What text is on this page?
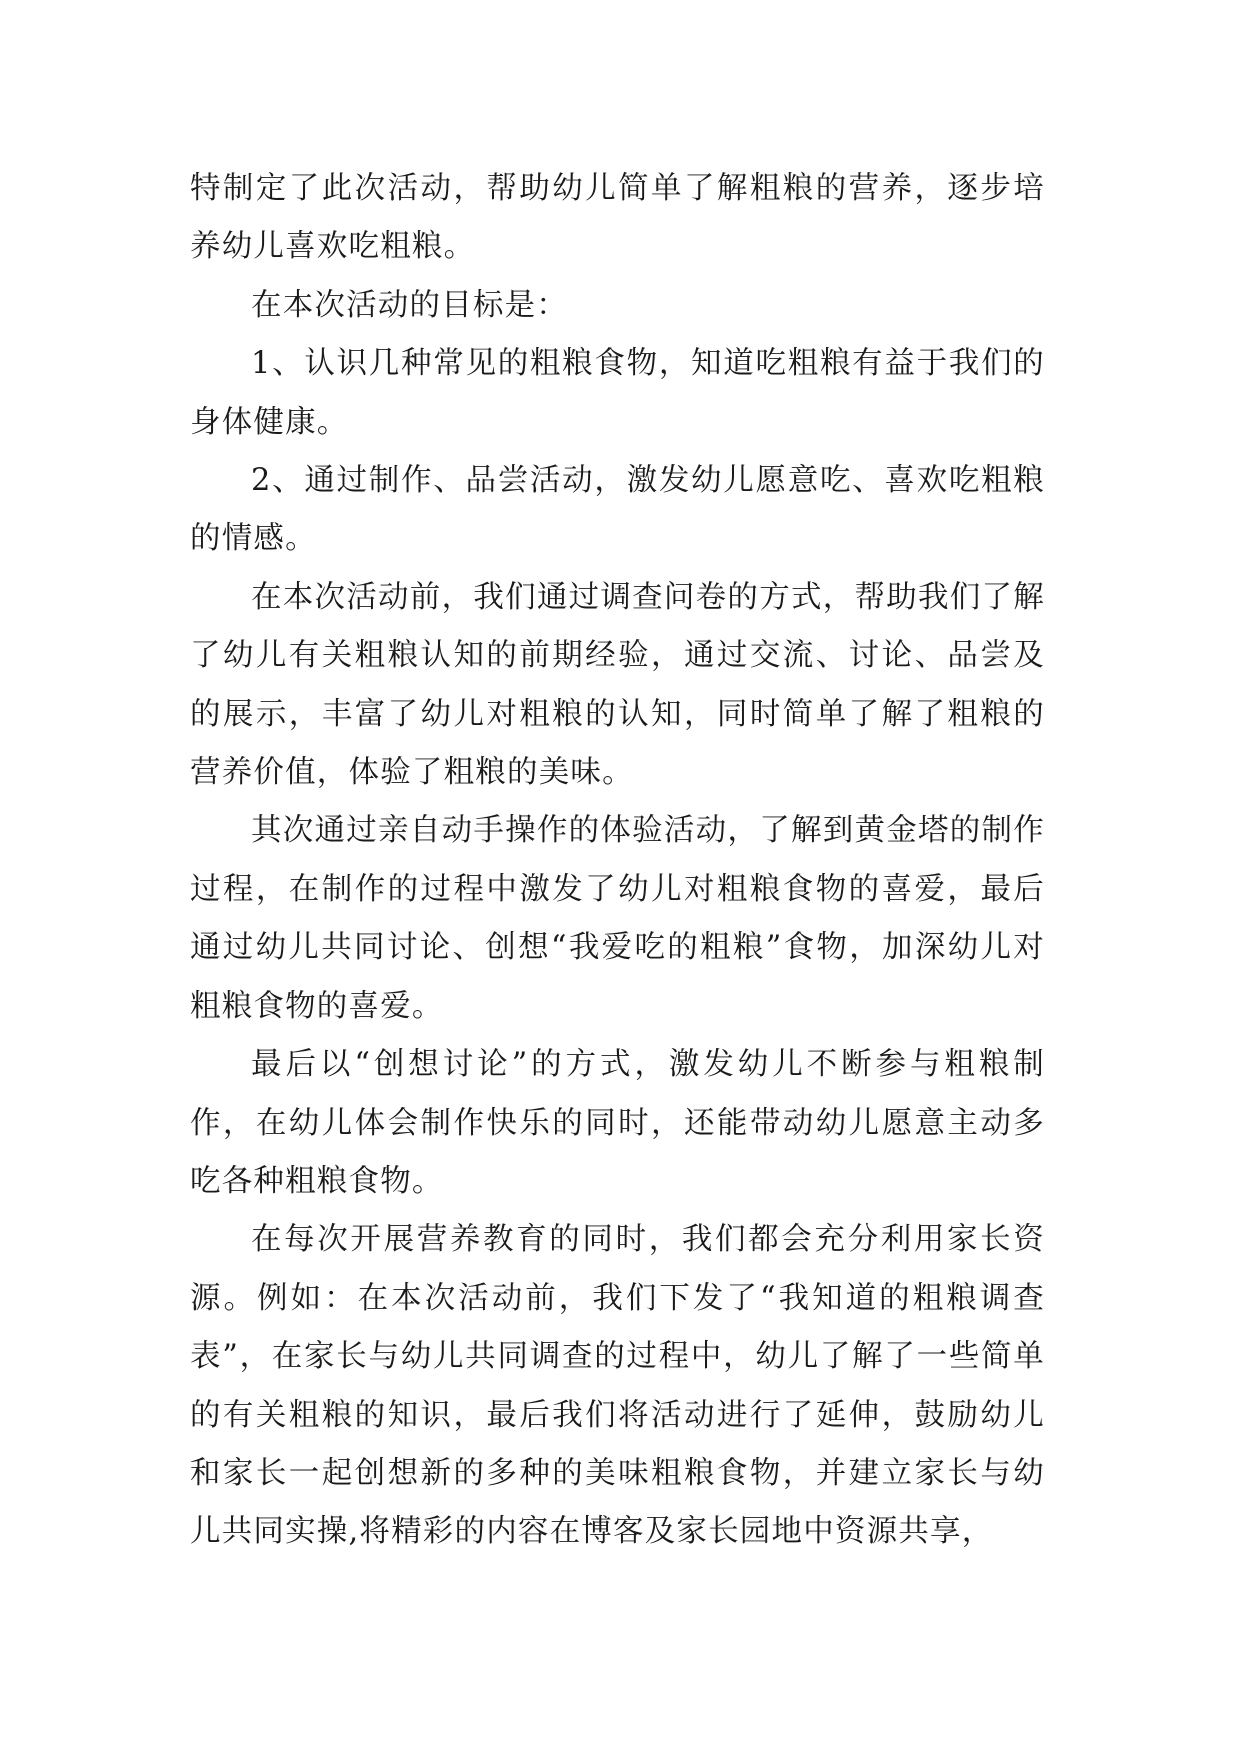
特制定了此次活动，帮助幼儿简单了解粗粮的营养，逐步培养幼儿喜欢吃粗粮。

在本次活动的目标是：

1、认识几种常见的粗粮食物，知道吃粗粮有益于我们的身体健康。

2、通过制作、品尝活动，激发幼儿愿意吃、喜欢吃粗粮的情感。

在本次活动前，我们通过调查问卷的方式，帮助我们了解了幼儿有关粗粮认知的前期经验，通过交流、讨论、品尝及的展示，丰富了幼儿对粗粮的认知，同时简单了解了粗粮的营养价值，体验了粗粮的美味。

其次通过亲自动手操作的体验活动，了解到黄金塔的制作过程，在制作的过程中激发了幼儿对粗粮食物的喜爱，最后通过幼儿共同讨论、创想“我爱吃的粗粮”食物，加深幼儿对粗粮食物的喜爱。

最后以“创想讨论”的方式，激发幼儿不断参与粗粮制作，在幼儿体会制作快乐的同时，还能带动幼儿愿意主动多吃各种粗粮食物。

在每次开展营养教育的同时，我们都会充分利用家长资源。例如：在本次活动前，我们下发了“我知道的粗粮调查表”，在家长与幼儿共同调查的过程中，幼儿了解了一些简单的有关粗粮的知识，最后我们将活动进行了延伸，鼓励幼儿和家长一起创想新的多种的美味粗粮食物，并建立家长与幼儿共同实操,将精彩的内容在博客及家长园地中资源共享，
